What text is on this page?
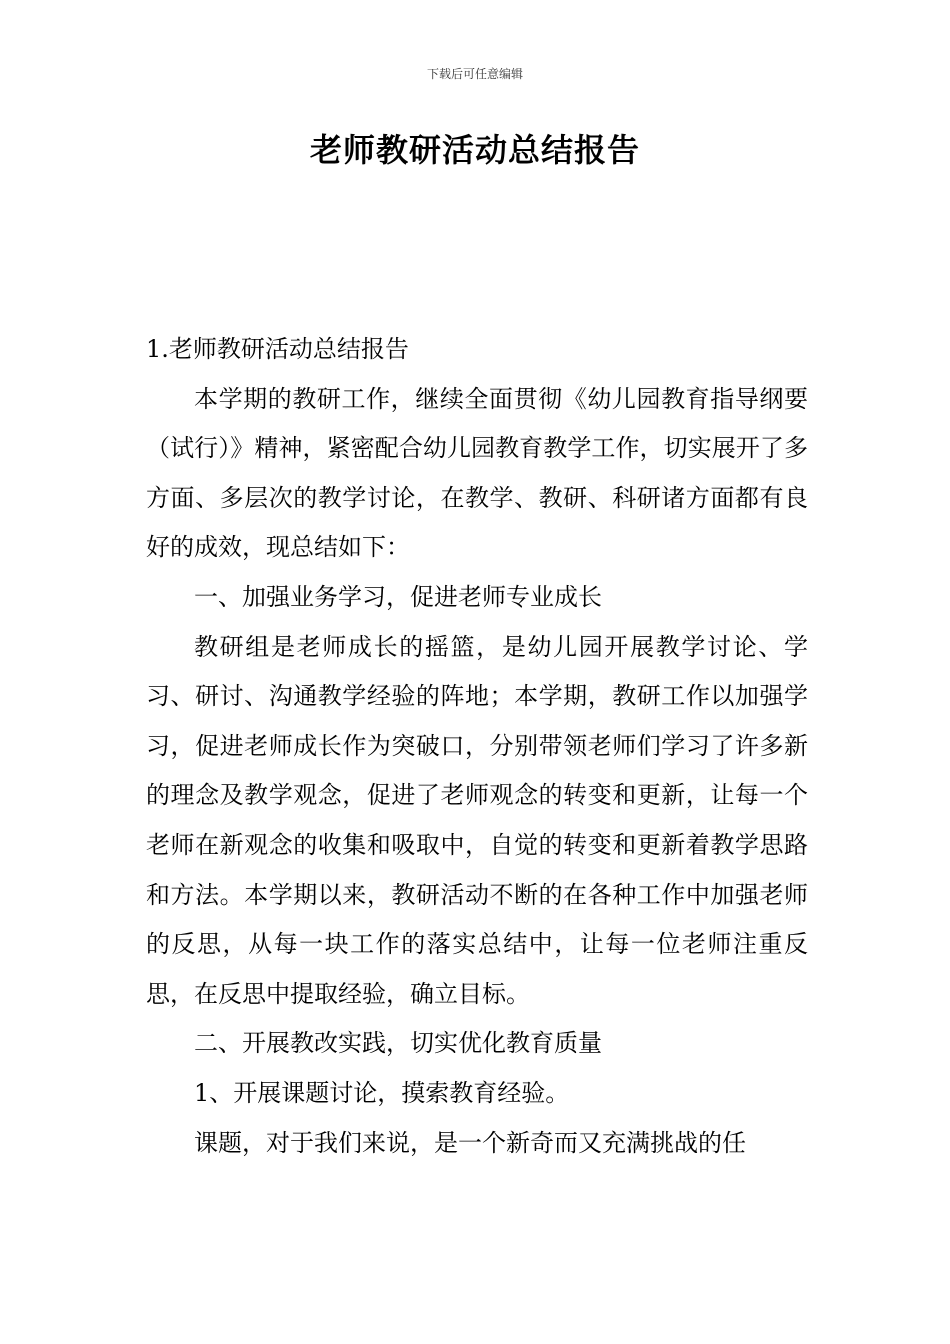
下载后可任意编辑
老师教研活动总结报告

1.老师教研活动总结报告

本学期的教研工作，继续全面贯彻《幼儿园教育指导纲要（试行）》精神，紧密配合幼儿园教育教学工作，切实展开了多方面、多层次的教学讨论，在教学、教研、科研诸方面都有良好的成效，现总结如下：

一、加强业务学习，促进老师专业成长

教研组是老师成长的摇篮，是幼儿园开展教学讨论、学习、研讨、沟通教学经验的阵地；本学期，教研工作以加强学习，促进老师成长作为突破口，分别带领老师们学习了许多新的理念及教学观念，促进了老师观念的转变和更新，让每一个老师在新观念的收集和吸取中，自觉的转变和更新着教学思路和方法。本学期以来，教研活动不断的在各种工作中加强老师的反思，从每一块工作的落实总结中，让每一位老师注重反思，在反思中提取经验，确立目标。

二、开展教改实践，切实优化教育质量

1、开展课题讨论，摸索教育经验。

课题，对于我们来说，是一个新奇而又充满挑战的任
